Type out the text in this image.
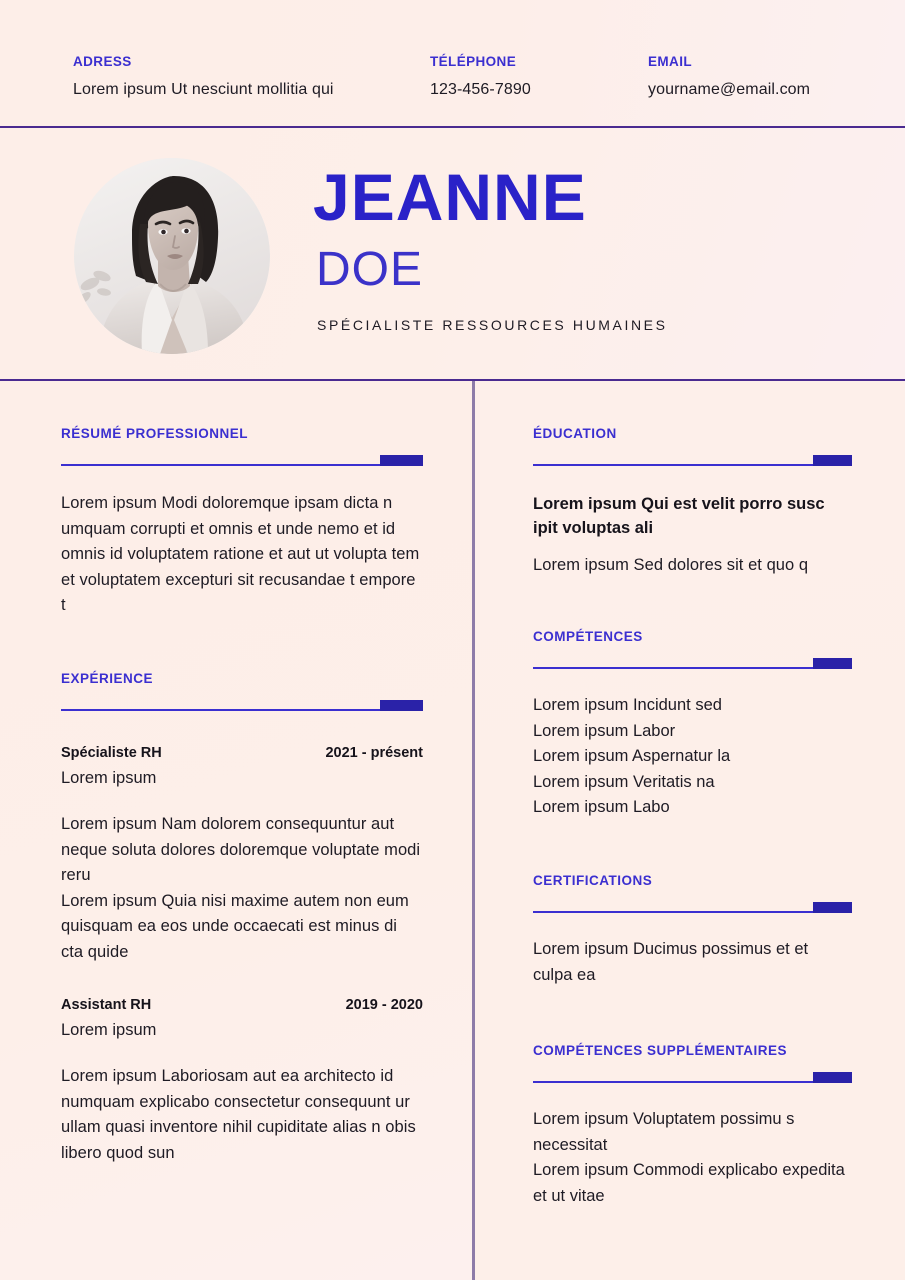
ADRESS
Lorem ipsum Ut nesciunt mollitia qui
TÉLÉPHONE
123-456-7890
EMAIL
yourname@email.com
JEANNE
DOE
SPÉCIALISTE RESSOURCES HUMAINES
RÉSUMÉ PROFESSIONNEL

Lorem ipsum Modi doloremque ipsam dicta n umquam corrupti et omnis et unde nemo et id omnis id voluptatem ratione et aut ut volupta tem et voluptatem excepturi sit recusandae t empore t

EXPÉRIENCE
Spécialiste RH	2021 - présent

Lorem ipsum

Lorem ipsum Nam dolorem consequuntur aut neque soluta dolores doloremque voluptate modi reru

Lorem ipsum Quia nisi maxime autem non eum quisquam ea eos unde occaecati est minus di cta quide

Assistant RH	2019 - 2020

Lorem ipsum

Lorem ipsum Laboriosam aut ea architecto id numquam explicabo consectetur consequunt ur ullam quasi inventore nihil cupiditate alias n obis libero quod sun

ÉDUCATION

Lorem ipsum Qui est velit porro susc ipit voluptas ali

Lorem ipsum Sed dolores sit et quo q

COMPÉTENCES

Lorem ipsum Incidunt sed

Lorem ipsum Labor

Lorem ipsum Aspernatur la

Lorem ipsum Veritatis na

Lorem ipsum Labo

CERTIFICATIONS

Lorem ipsum Ducimus possimus et et culpa ea

COMPÉTENCES SUPPLÉMENTAIRES

Lorem ipsum Voluptatem possimu s necessitat

Lorem ipsum Commodi explicabo expedita et ut vitae
